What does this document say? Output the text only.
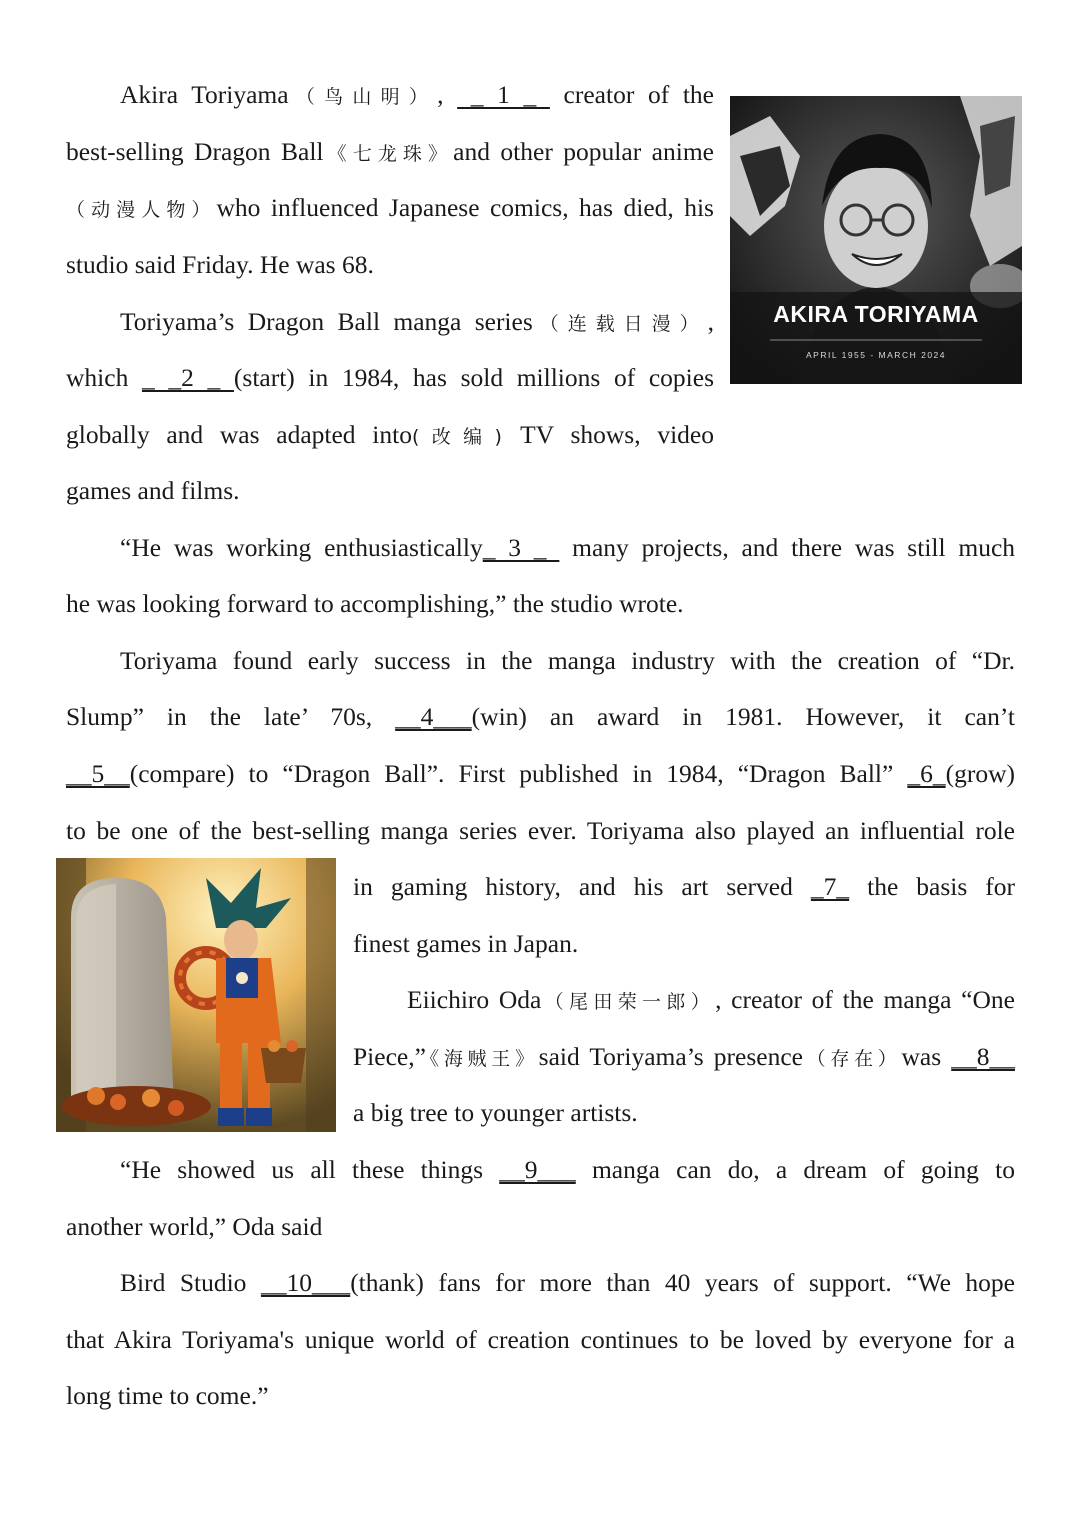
Akira Toriyama（鸟山明）,  _ 1 _  creator of the
best-selling Dragon Ball《七龙珠》and other popular anime
（动漫人物）who influenced Japanese comics, has died, his
studio said Friday. He was 68.
Toriyama’s Dragon Ball manga series（连载日漫）,
which _ _2 _ (start) in 1984, has sold millions of copies
globally and was adapted into(改编) TV shows, video
games and films.
“He was working enthusiastically_ 3 _  many projects, and there was still much
he was looking forward to accomplishing,” the studio wrote.
Toriyama found early success in the manga industry with the creation of “Dr.
Slump” in the late’ 70s, __4___(win) an award in 1981. However, it can’t
__5__(compare) to “Dragon Ball”. First published in 1984, “Dragon Ball” _6_(grow)
to be one of the best-selling manga series ever. Toriyama also played an influential role
in gaming history, and his art served _7_ the basis for
finest games in Japan.
Eiichiro Oda（尾田荣一郎）, creator of the manga “One
Piece,”《海贼王》said Toriyama’s presence（存在）was __8__
a big tree to younger artists.
“He showed us all these things __9___ manga can do, a dream of going to
another world,” Oda said
Bird Studio __10___(thank) fans for more than 40 years of support. “We hope
that Akira Toriyama's unique world of creation continues to be loved by everyone for a
long time to come.”
AKIRA TORIYAMA
APRIL 1955 - MARCH 2024
